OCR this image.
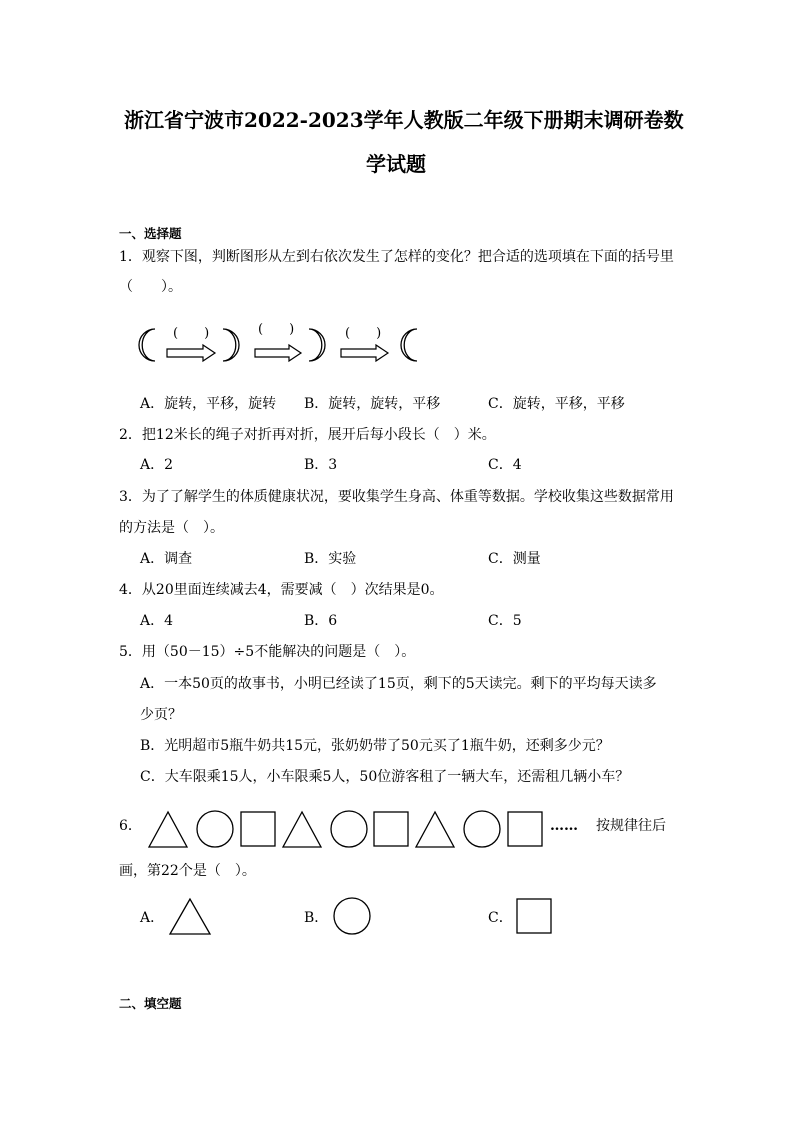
浙江省宁波市2022-2023学年人教版二年级下册期末调研卷数
学试题
一、选择题
1．观察下图，判断图形从左到右依次发生了怎样的变化？把合适的选项填在下面的括号里
（　　）。
(　　)	(　　)	(　　)
A．旋转，平移，旋转 B．旋转，旋转，平移	C．旋转，平移，平移
2．把12米长的绳子对折再对折，展开后每小段长（　）米。
A．2	B．3	C．4
3．为了了解学生的体质健康状况，要收集学生身高、体重等数据。学校收集这些数据常用
的方法是（　）。
A．调查	B．实验	C．测量
4．从20里面连续减去4，需要减（　）次结果是0。
A．4	B．6	C．5
5．用（50－15）÷5不能解决的问题是（　）。
A．一本50页的故事书，小明已经读了15页，剩下的5天读完。剩下的平均每天读多
少页？
B．光明超市5瓶牛奶共15元，张奶奶带了50元买了1瓶牛奶，还剩多少元？
C．大车限乘15人，小车限乘5人，50位游客租了一辆大车，还需租几辆小车？
6．	…… 按规律往后
画，第22个是（　）。
A．	B．	C．
二、填空题
